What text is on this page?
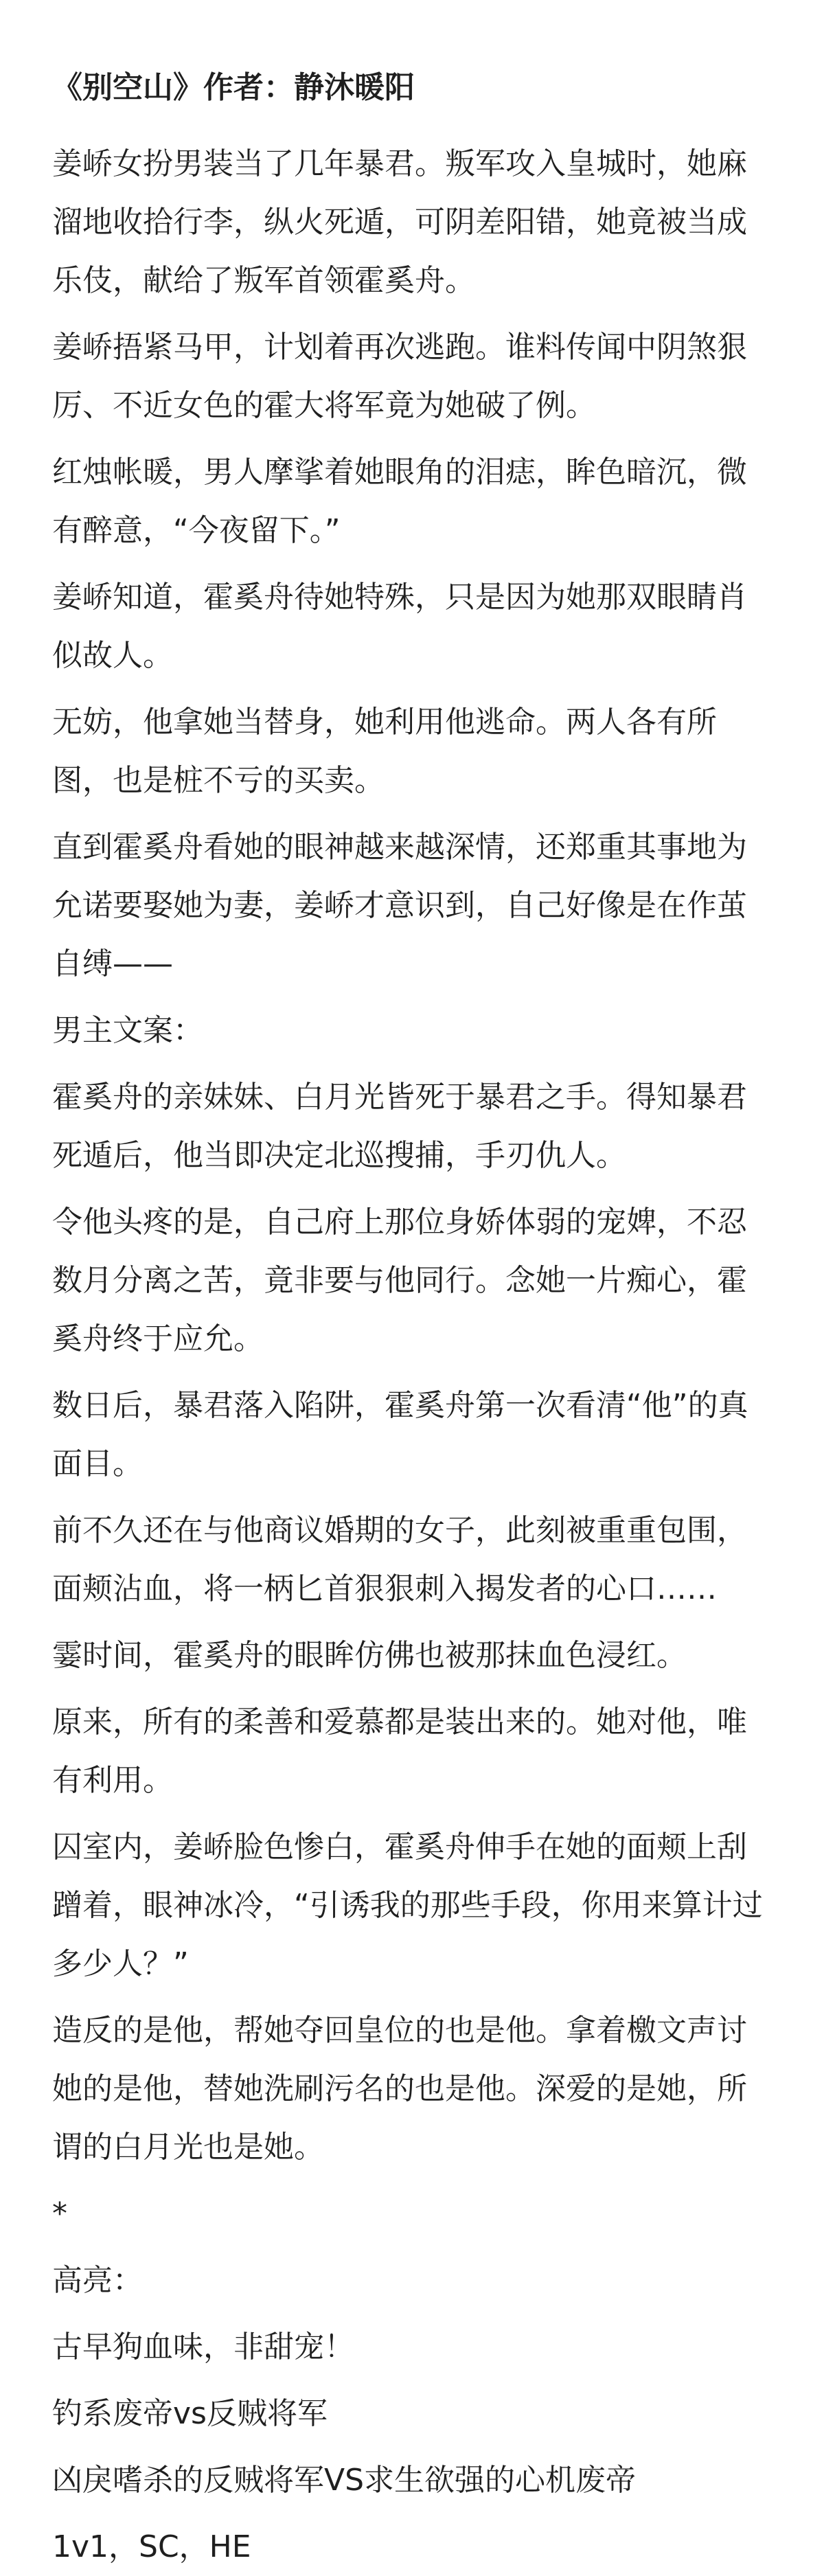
《别空山》作者：静沐暖阳

姜峤女扮男装当了几年暴君。叛军攻入皇城时，她麻溜地收拾行李，纵火死遁，可阴差阳错，她竟被当成乐伎，献给了叛军首领霍奚舟。

姜峤捂紧马甲，计划着再次逃跑。谁料传闻中阴煞狠厉、不近女色的霍大将军竟为她破了例。

红烛帐暖，男人摩挲着她眼角的泪痣，眸色暗沉，微有醉意，“今夜留下。”

姜峤知道，霍奚舟待她特殊，只是因为她那双眼睛肖似故人。

无妨，他拿她当替身，她利用他逃命。两人各有所图，也是桩不亏的买卖。

直到霍奚舟看她的眼神越来越深情，还郑重其事地为允诺要娶她为妻，姜峤才意识到，自己好像是在作茧自缚——

男主文案：

霍奚舟的亲妹妹、白月光皆死于暴君之手。得知暴君死遁后，他当即决定北巡搜捕，手刃仇人。

令他头疼的是，自己府上那位身娇体弱的宠婢，不忍数月分离之苦，竟非要与他同行。念她一片痴心，霍奚舟终于应允。

数日后，暴君落入陷阱，霍奚舟第一次看清“他”的真面目。

前不久还在与他商议婚期的女子，此刻被重重包围，面颊沾血，将一柄匕首狠狠刺入揭发者的心口……

霎时间，霍奚舟的眼眸仿佛也被那抹血色浸红。

原来，所有的柔善和爱慕都是装出来的。她对他，唯有利用。

囚室内，姜峤脸色惨白，霍奚舟伸手在她的面颊上刮蹭着，眼神冰冷，“引诱我的那些手段，你用来算计过多少人？”

造反的是他，帮她夺回皇位的也是他。拿着檄文声讨她的是他，替她洗刷污名的也是他。深爱的是她，所谓的白月光也是她。

*

高亮：

古早狗血味，非甜宠！

钓系废帝vs反贼将军

凶戾嗜杀的反贼将军VS求生欲强的心机废帝

1v1，SC，HE
